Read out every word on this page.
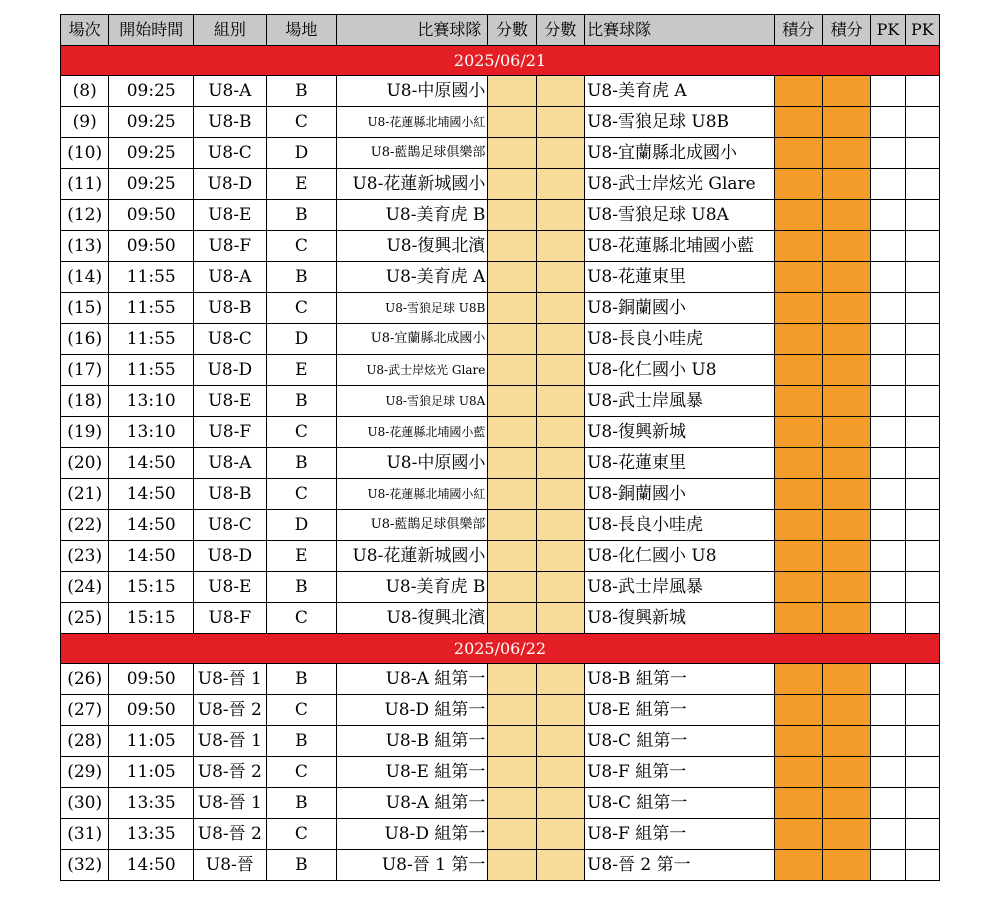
場次	開始時間	組別	場地	比賽球隊	分數	分數	比賽球隊	積分	積分	PK	PK
2025/06/21											
(8)	09:25	U8-A	B	U8-中原國小			U8-美育虎 A				
(9)	09:25	U8-B	C	U8-花蓮縣北埔國小紅			U8-雪狼足球 U8B				
(10)	09:25	U8-C	D	U8-藍鵲足球俱樂部			U8-宜蘭縣北成國小				
(11)	09:25	U8-D	E	U8-花蓮新城國小			U8-武士岸炫光 Glare				
(12)	09:50	U8-E	B	U8-美育虎 B			U8-雪狼足球 U8A				
(13)	09:50	U8-F	C	U8-復興北濱			U8-花蓮縣北埔國小藍				
(14)	11:55	U8-A	B	U8-美育虎 A			U8-花蓮東里				
(15)	11:55	U8-B	C	U8-雪狼足球 U8B			U8-銅蘭國小				
(16)	11:55	U8-C	D	U8-宜蘭縣北成國小			U8-長良小哇虎				
(17)	11:55	U8-D	E	U8-武士岸炫光 Glare			U8-化仁國小 U8				
(18)	13:10	U8-E	B	U8-雪狼足球 U8A			U8-武士岸風暴				
(19)	13:10	U8-F	C	U8-花蓮縣北埔國小藍			U8-復興新城				
(20)	14:50	U8-A	B	U8-中原國小			U8-花蓮東里				
(21)	14:50	U8-B	C	U8-花蓮縣北埔國小紅			U8-銅蘭國小				
(22)	14:50	U8-C	D	U8-藍鵲足球俱樂部			U8-長良小哇虎				
(23)	14:50	U8-D	E	U8-花蓮新城國小			U8-化仁國小 U8				
(24)	15:15	U8-E	B	U8-美育虎 B			U8-武士岸風暴				
(25)	15:15	U8-F	C	U8-復興北濱			U8-復興新城				
2025/06/22											
(26)	09:50	U8-晉 1	B	U8-A 組第一			U8-B 組第一				
(27)	09:50	U8-晉 2	C	U8-D 組第一			U8-E 組第一				
(28)	11:05	U8-晉 1	B	U8-B 組第一			U8-C 組第一				
(29)	11:05	U8-晉 2	C	U8-E 組第一			U8-F 組第一				
(30)	13:35	U8-晉 1	B	U8-A 組第一			U8-C 組第一				
(31)	13:35	U8-晉 2	C	U8-D 組第一			U8-F 組第一				
(32)	14:50	U8-晉	B	U8-晉 1 第一			U8-晉 2 第一				
